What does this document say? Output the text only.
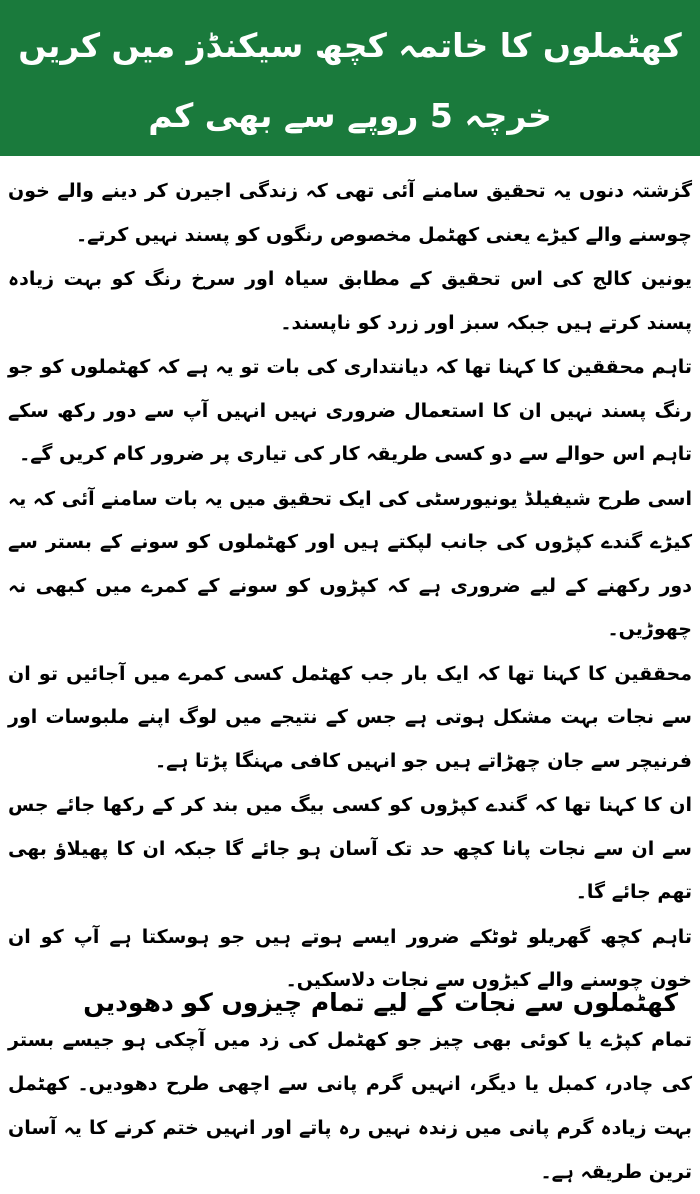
کھٹملوں کا خاتمہ کچھ سیکنڈز میں کریں
خرچہ 5 روپے سے بھی کم

گزشتہ دنوں یہ تحقیق سامنے آئی تھی کہ زندگی اجیرن کر دینے والے خون چوسنے والے کیڑے یعنی کھٹمل مخصوص رنگوں کو پسند نہیں کرتے۔

یونین کالج کی اس تحقیق کے مطابق سیاہ اور سرخ رنگ کو بہت زیادہ پسند کرتے ہیں جبکہ سبز اور زرد کو ناپسند۔

تاہم محققین کا کہنا تھا کہ دیانتداری کی بات تو یہ ہے کہ کھٹملوں کو جو رنگ پسند نہیں ان کا استعمال ضروری نہیں انہیں آپ سے دور رکھ سکے تاہم اس حوالے سے دو کسی طریقہ کار کی تیاری پر ضرور کام کریں گے۔

اسی طرح شیفیلڈ یونیورسٹی کی ایک تحقیق میں یہ بات سامنے آئی کہ یہ کیڑے گندے کپڑوں کی جانب لپکتے ہیں اور کھٹملوں کو سونے کے بستر سے دور رکھنے کے لیے ضروری ہے کہ کپڑوں کو سونے کے کمرے میں کبھی نہ چھوڑیں۔

محققین کا کہنا تھا کہ ایک بار جب کھٹمل کسی کمرے میں آجائیں تو ان سے نجات بہت مشکل ہوتی ہے جس کے نتیجے میں لوگ اپنے ملبوسات اور فرنیچر سے جان چھڑاتے ہیں جو انہیں کافی مہنگا پڑتا ہے۔

ان کا کہنا تھا کہ گندے کپڑوں کو کسی بیگ میں بند کر کے رکھا جائے جس سے ان سے نجات پانا کچھ حد تک آسان ہو جائے گا جبکہ ان کا پھیلاؤ بھی تھم جائے گا۔

تاہم کچھ گھریلو ٹوٹکے ضرور ایسے ہوتے ہیں جو ہوسکتا ہے آپ کو ان خون چوسنے والے کیڑوں سے نجات دلاسکیں۔

کھٹملوں سے نجات کے لیے تمام چیزوں کو دھودیں

تمام کپڑے یا کوئی بھی چیز جو کھٹمل کی زد میں آچکی ہو جیسے بستر کی چادر، کمبل یا دیگر، انہیں گرم پانی سے اچھی طرح دھودیں۔ کھٹمل بہت زیادہ گرم پانی میں زندہ نہیں رہ پاتے اور انہیں ختم کرنے کا یہ آسان ترین طریقہ ہے۔
